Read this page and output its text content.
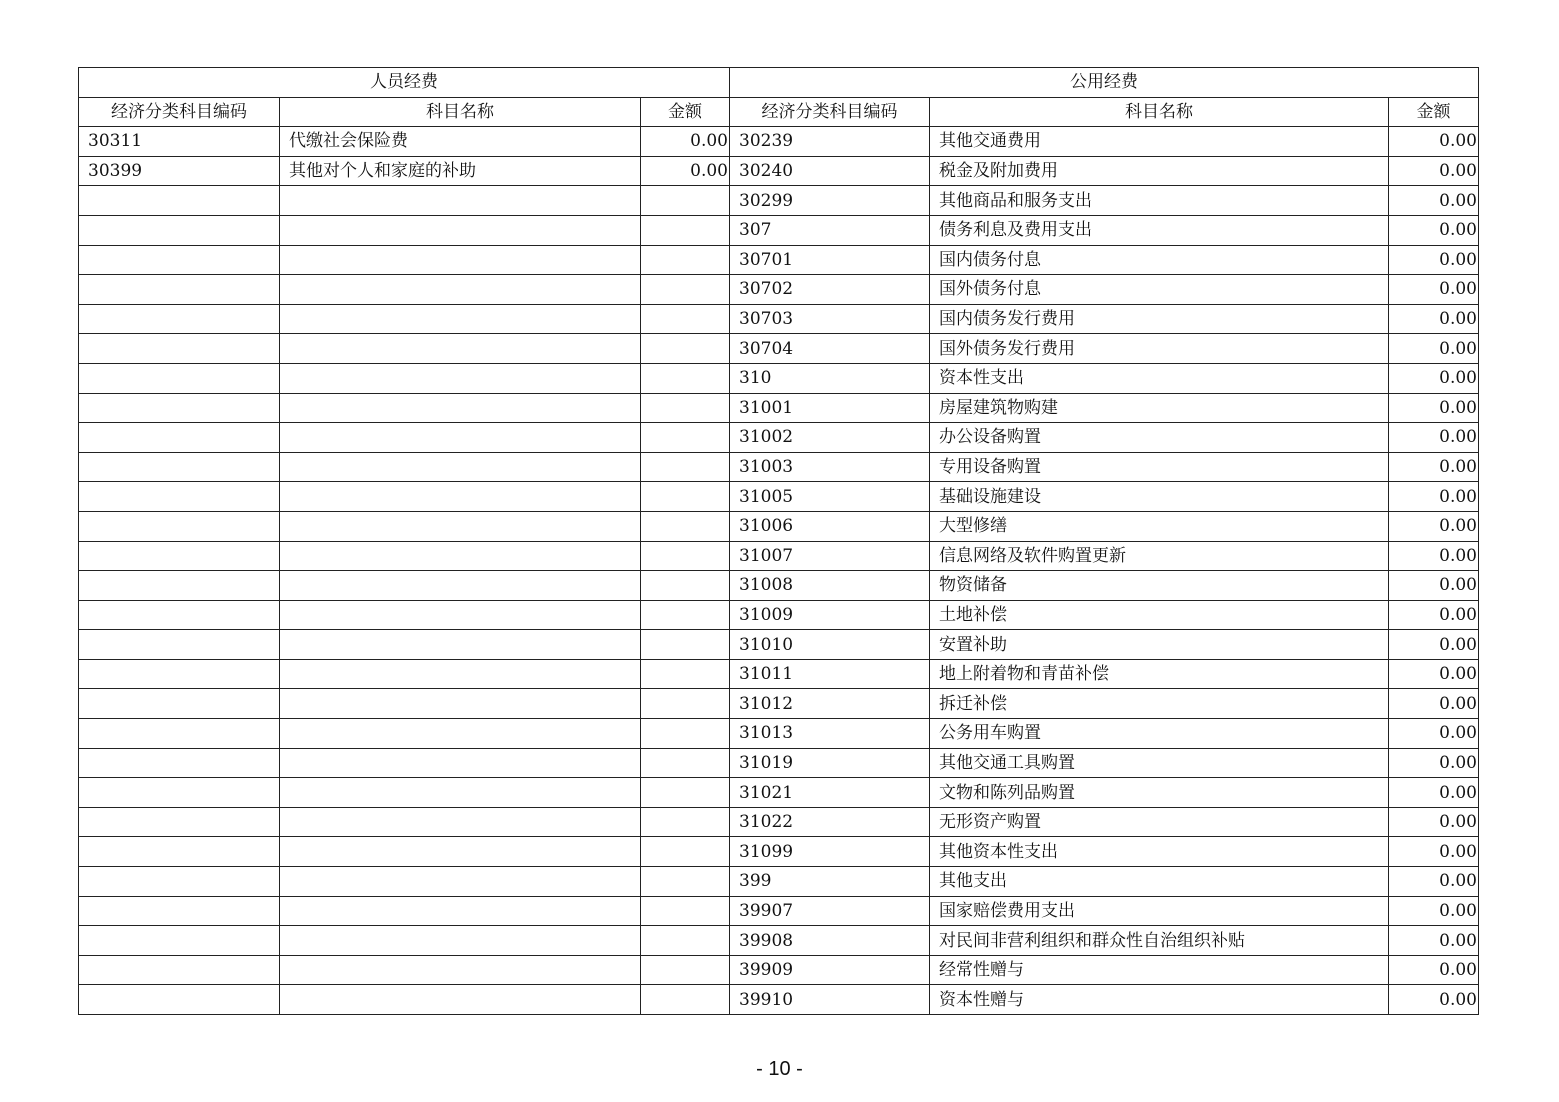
人员经费			公用经费		
经济分类科目编码	科目名称	金额	经济分类科目编码	科目名称	金额
30311	代缴社会保险费	0.00	30239	其他交通费用	0.00
30399	其他对个人和家庭的补助	0.00	30240	税金及附加费用	0.00
			30299	其他商品和服务支出	0.00
			307	债务利息及费用支出	0.00
			30701	国内债务付息	0.00
			30702	国外债务付息	0.00
			30703	国内债务发行费用	0.00
			30704	国外债务发行费用	0.00
			310	资本性支出	0.00
			31001	房屋建筑物购建	0.00
			31002	办公设备购置	0.00
			31003	专用设备购置	0.00
			31005	基础设施建设	0.00
			31006	大型修缮	0.00
			31007	信息网络及软件购置更新	0.00
			31008	物资储备	0.00
			31009	土地补偿	0.00
			31010	安置补助	0.00
			31011	地上附着物和青苗补偿	0.00
			31012	拆迁补偿	0.00
			31013	公务用车购置	0.00
			31019	其他交通工具购置	0.00
			31021	文物和陈列品购置	0.00
			31022	无形资产购置	0.00
			31099	其他资本性支出	0.00
			399	其他支出	0.00
			39907	国家赔偿费用支出	0.00
			39908	对民间非营利组织和群众性自治组织补贴	0.00
			39909	经常性赠与	0.00
			39910	资本性赠与	0.00
- 10 -
